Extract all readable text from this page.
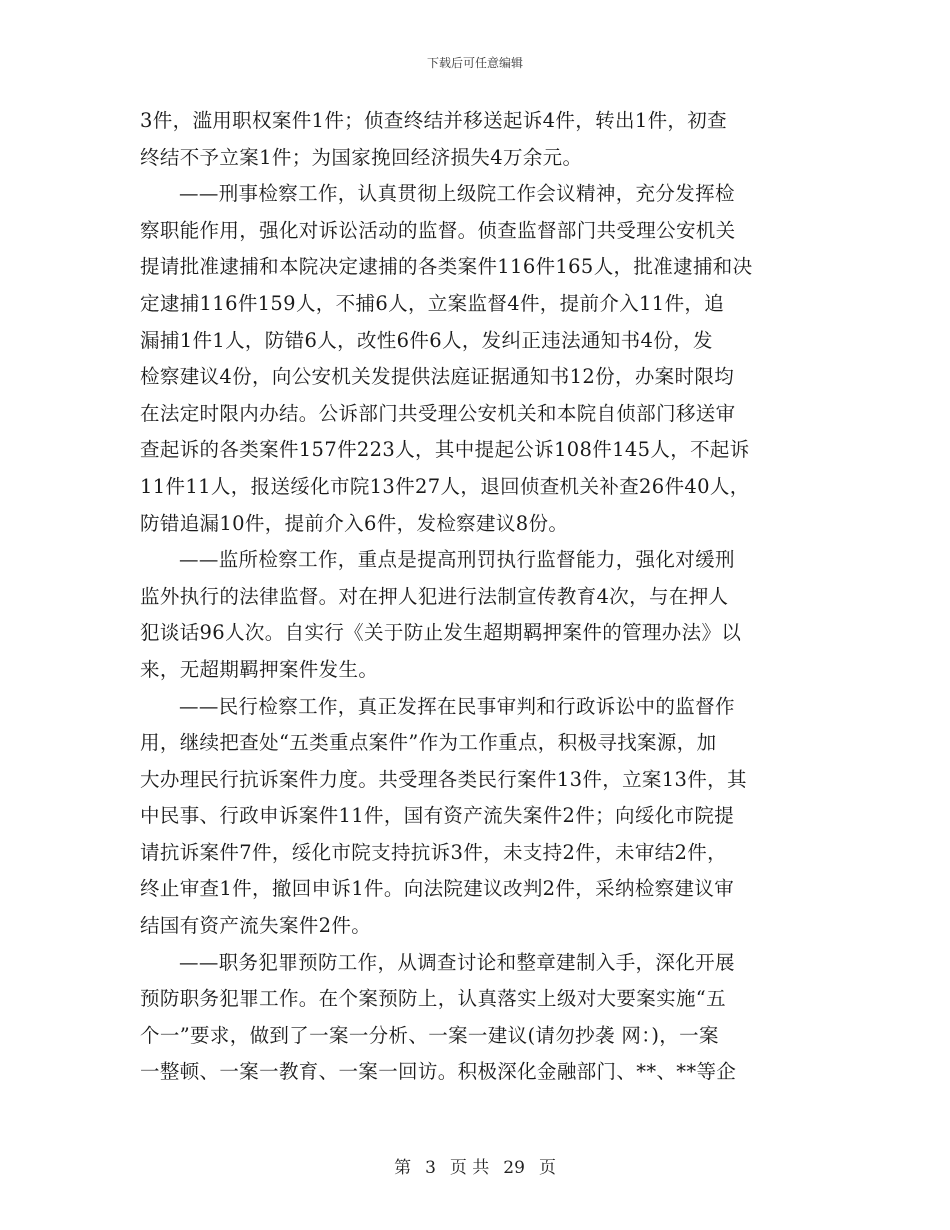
下载后可任意编辑
3件，滥用职权案件1件；侦查终结并移送起诉4件，转出1件，初查
终结不予立案1件；为国家挽回经济损失4万余元。
——刑事检察工作，认真贯彻上级院工作会议精神，充分发挥检
察职能作用，强化对诉讼活动的监督。侦查监督部门共受理公安机关
提请批准逮捕和本院决定逮捕的各类案件116件165人，批准逮捕和决
定逮捕116件159人，不捕6人，立案监督4件，提前介入11件，追
漏捕1件1人，防错6人，改性6件6人，发纠正违法通知书4份，发
检察建议4份，向公安机关发提供法庭证据通知书12份，办案时限均
在法定时限内办结。公诉部门共受理公安机关和本院自侦部门移送审
查起诉的各类案件157件223人，其中提起公诉108件145人，不起诉
11件11人，报送绥化市院13件27人，退回侦查机关补查26件40人，
防错追漏10件，提前介入6件，发检察建议8份。
——监所检察工作，重点是提高刑罚执行监督能力，强化对缓刑
监外执行的法律监督。对在押人犯进行法制宣传教育4次，与在押人
犯谈话96人次。自实行《关于防止发生超期羁押案件的管理办法》以
来，无超期羁押案件发生。
——民行检察工作，真正发挥在民事审判和行政诉讼中的监督作
用，继续把查处“五类重点案件”作为工作重点，积极寻找案源，加
大办理民行抗诉案件力度。共受理各类民行案件13件，立案13件，其
中民事、行政申诉案件11件，国有资产流失案件2件；向绥化市院提
请抗诉案件7件，绥化市院支持抗诉3件，未支持2件，未审结2件，
终止审查1件，撤回申诉1件。向法院建议改判2件，采纳检察建议审
结国有资产流失案件2件。
——职务犯罪预防工作，从调查讨论和整章建制入手，深化开展
预防职务犯罪工作。在个案预防上，认真落实上级对大要案实施“五
个一”要求，做到了一案一分析、一案一建议(请勿抄袭 网：)，一案
一整顿、一案一教育、一案一回访。积极深化金融部门、**、**等企
第 3 页 共 29 页
